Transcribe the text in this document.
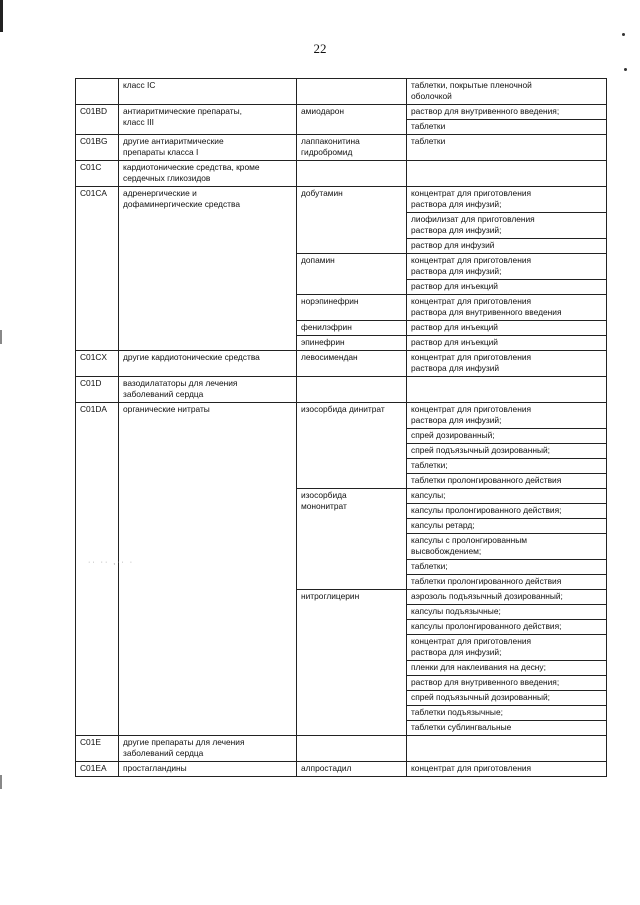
22
	класс IC		таблетки, покрытые пленочной
оболочкой
C01BD	антиаритмические препараты,
класс III	амиодарон	раствор для внутривенного введения;
			таблетки
C01BG	другие антиаритмические
препараты класса I	лаппаконитина
гидробромид	таблетки
C01C	кардиотонические средства, кроме
сердечных гликозидов		
C01CA	адренергические и
дофаминергические средства	добутамин	концентрат для приготовления
раствора для инфузий;
			лиофилизат для приготовления
раствора для инфузий;
			раствор для инфузий
		допамин	концентрат для приготовления
раствора для инфузий;
			раствор для инъекций
		норэпинефрин	концентрат для приготовления
раствора для внутривенного введения
		фенилэфрин	раствор для инъекций
		эпинефрин	раствор для инъекций
C01CX	другие кардиотонические средства	левосимендан	концентрат для приготовления
раствора для инфузий
C01D	вазодилататоры для лечения
заболеваний сердца		
C01DA	органические нитраты	изосорбида динитрат	концентрат для приготовления
раствора для инфузий;
			спрей дозированный;
			спрей подъязычный дозированный;
			таблетки;
			таблетки пролонгированного действия
		изосорбида
мононитрат	капсулы;
			капсулы пролонгированного действия;
			капсулы ретард;
			капсулы с пролонгированным
высвобождением;
			таблетки;
			таблетки пролонгированного действия
		нитроглицерин	аэрозоль подъязычный дозированный;
			капсулы подъязычные;
			капсулы пролонгированного действия;
			концентрат для приготовления
раствора для инфузий;
			пленки для наклеивания на десну;
			раствор для внутривенного введения;
			спрей подъязычный дозированный;
			таблетки подъязычные;
			таблетки сублингвальные
C01E	другие препараты для лечения
заболеваний сердца		
C01EA	простагландины	алпростадил	концентрат для приготовления
·· ·· ,·· ·
